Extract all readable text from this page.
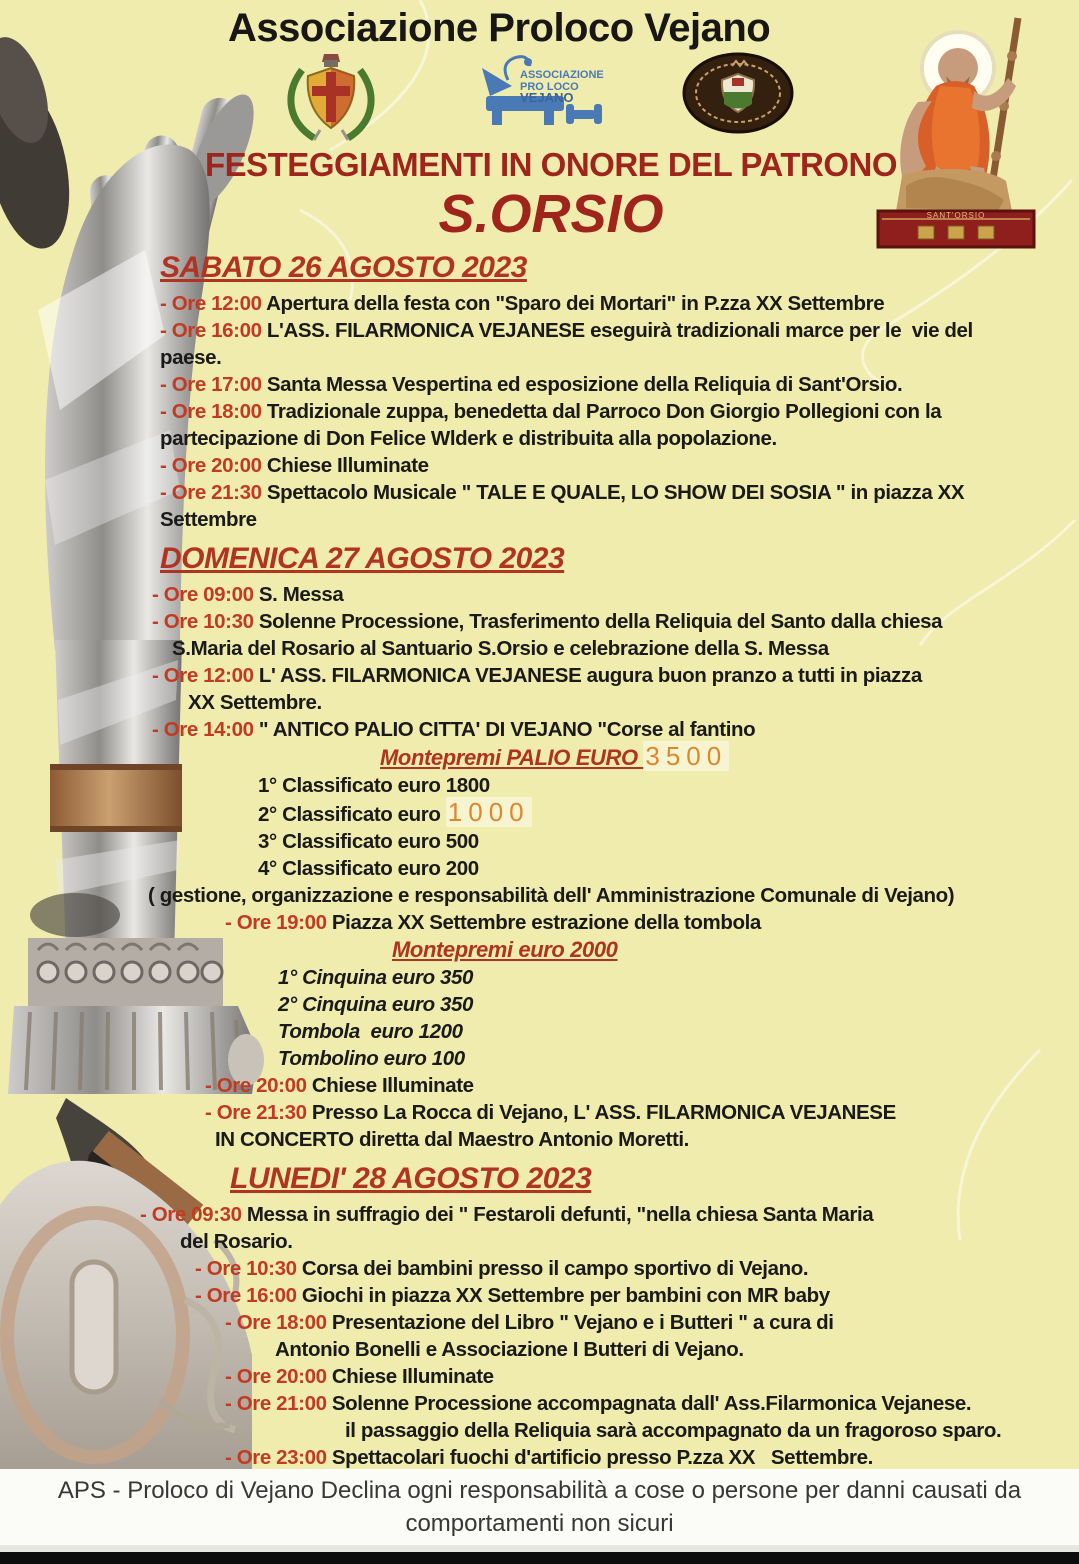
SANT'ORSIO
Associazione Proloco Vejano
ASSOCIAZIONE
PRO LOCO
VEJANO
FESTEGGIAMENTI IN ONORE DEL PATRONO
S.ORSIO
SABATO 26 AGOSTO 2023
- Ore 12:00 Apertura della festa con "Sparo dei Mortari" in P.zza XX Settembre
- Ore 16:00 L'ASS. FILARMONICA VEJANESE eseguirà tradizionali marce per le  vie del
paese.
- Ore 17:00 Santa Messa Vespertina ed esposizione della Reliquia di Sant'Orsio.
- Ore 18:00 Tradizionale zuppa, benedetta dal Parroco Don Giorgio Pollegioni con la
partecipazione di Don Felice Wlderk e distribuita alla popolazione.
- Ore 20:00 Chiese Illuminate
- Ore 21:30 Spettacolo Musicale " TALE E QUALE, LO SHOW DEI SOSIA " in piazza XX
Settembre
DOMENICA 27 AGOSTO 2023
- Ore 09:00 S. Messa
- Ore 10:30 Solenne Processione, Trasferimento della Reliquia del Santo dalla chiesa
S.Maria del Rosario al Santuario S.Orsio e celebrazione della S. Messa
- Ore 12:00 L' ASS. FILARMONICA VEJANESE augura buon pranzo a tutti in piazza
XX Settembre.
- Ore 14:00 " ANTICO PALIO CITTA' DI VEJANO "Corse al fantino
Montepremi PALIO EURO 3500
1° Classificato euro 1800
2° Classificato euro 1000
3° Classificato euro 500
4° Classificato euro 200
( gestione, organizzazione e responsabilità dell' Amministrazione Comunale di Vejano)
- Ore 19:00 Piazza XX Settembre estrazione della tombola
Montepremi euro 2000
1° Cinquina euro 350
2° Cinquina euro 350
Tombola  euro 1200
Tombolino euro 100
- Ore 20:00 Chiese Illuminate
- Ore 21:30 Presso La Rocca di Vejano, L' ASS. FILARMONICA VEJANESE
IN CONCERTO diretta dal Maestro Antonio Moretti.
LUNEDI' 28 AGOSTO 2023
- Ore 09:30 Messa in suffragio dei " Festaroli defunti, "nella chiesa Santa Maria
del Rosario.
- Ore 10:30 Corsa dei bambini presso il campo sportivo di Vejano.
- Ore 16:00 Giochi in piazza XX Settembre per bambini con MR baby
- Ore 18:00 Presentazione del Libro " Vejano e i Butteri " a cura di
Antonio Bonelli e Associazione I Butteri di Vejano.
- Ore 20:00 Chiese Illuminate
- Ore 21:00 Solenne Processione accompagnata dall' Ass.Filarmonica Vejanese.
il passaggio della Reliquia sarà accompagnato da un fragoroso sparo.
- Ore 23:00 Spettacolari fuochi d'artificio presso P.zza XX   Settembre.
APS - Proloco di Vejano Declina ogni responsabilità a cose o persone per danni causati da
comportamenti non sicuri
